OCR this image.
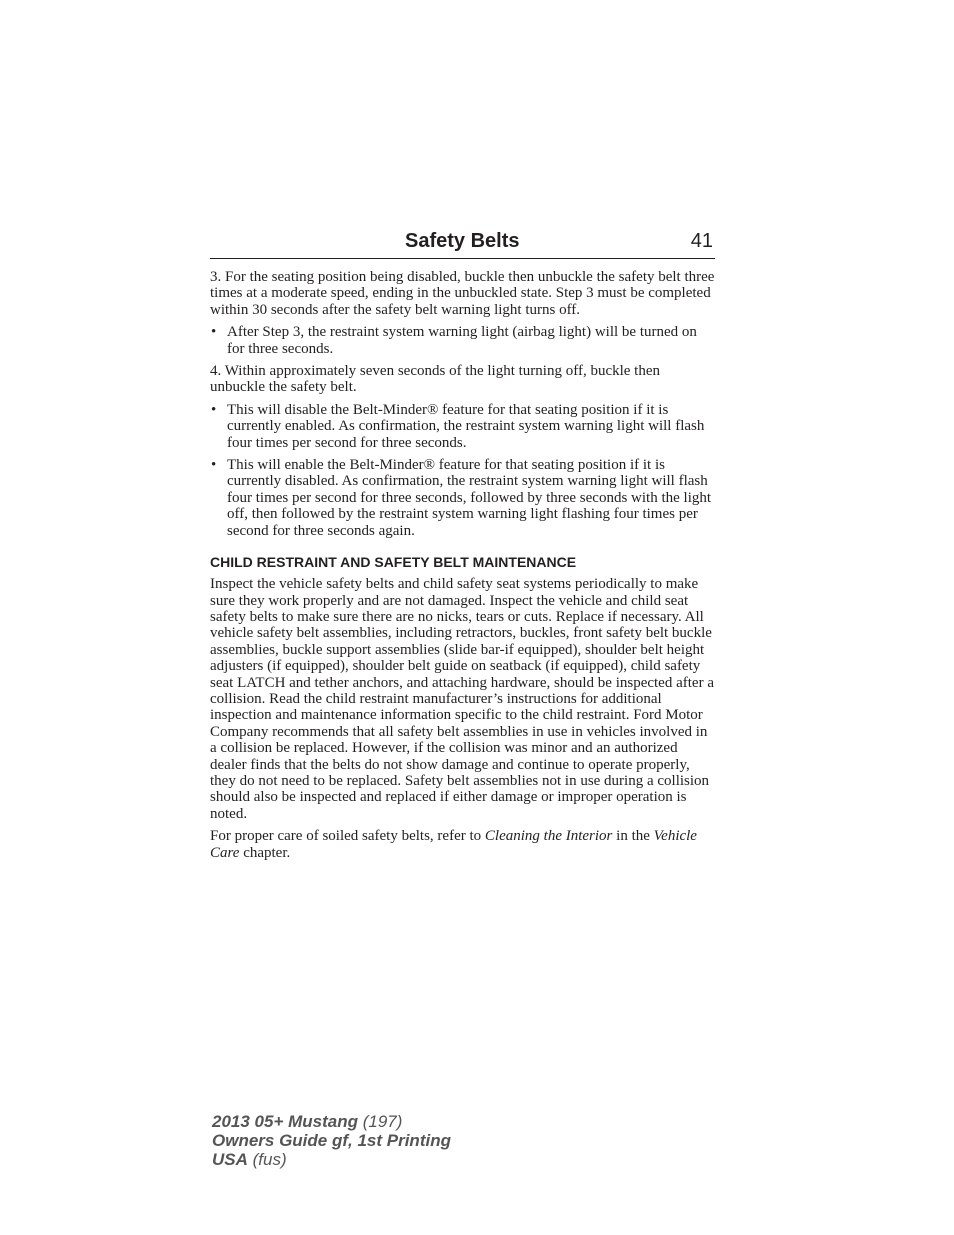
Safety Belts	41

3. For the seating position being disabled, buckle then unbuckle the safety belt three times at a moderate speed, ending in the unbuckled state. Step 3 must be completed within 30 seconds after the safety belt warning light turns off.

• After Step 3, the restraint system warning light (airbag light) will be turned on for three seconds.

4. Within approximately seven seconds of the light turning off, buckle then unbuckle the safety belt.

• This will disable the Belt-Minder® feature for that seating position if it is currently enabled. As confirmation, the restraint system warning light will flash four times per second for three seconds.
• This will enable the Belt-Minder® feature for that seating position if it is currently disabled. As confirmation, the restraint system warning light will flash four times per second for three seconds, followed by three seconds with the light off, then followed by the restraint system warning light flashing four times per second for three seconds again.
CHILD RESTRAINT AND SAFETY BELT MAINTENANCE

Inspect the vehicle safety belts and child safety seat systems periodically to make sure they work properly and are not damaged. Inspect the vehicle and child seat safety belts to make sure there are no nicks, tears or cuts. Replace if necessary. All vehicle safety belt assemblies, including retractors, buckles, front safety belt buckle assemblies, buckle support assemblies (slide bar-if equipped), shoulder belt height adjusters (if equipped), shoulder belt guide on seatback (if equipped), child safety seat LATCH and tether anchors, and attaching hardware, should be inspected after a collision. Read the child restraint manufacturer’s instructions for additional inspection and maintenance information specific to the child restraint. Ford Motor Company recommends that all safety belt assemblies in use in vehicles involved in a collision be replaced. However, if the collision was minor and an authorized dealer finds that the belts do not show damage and continue to operate properly, they do not need to be replaced. Safety belt assemblies not in use during a collision should also be inspected and replaced if either damage or improper operation is noted.

For proper care of soiled safety belts, refer to Cleaning the Interior in the Vehicle Care chapter.

2013 05+ Mustang (197)
Owners Guide gf, 1st Printing
USA (fus)
